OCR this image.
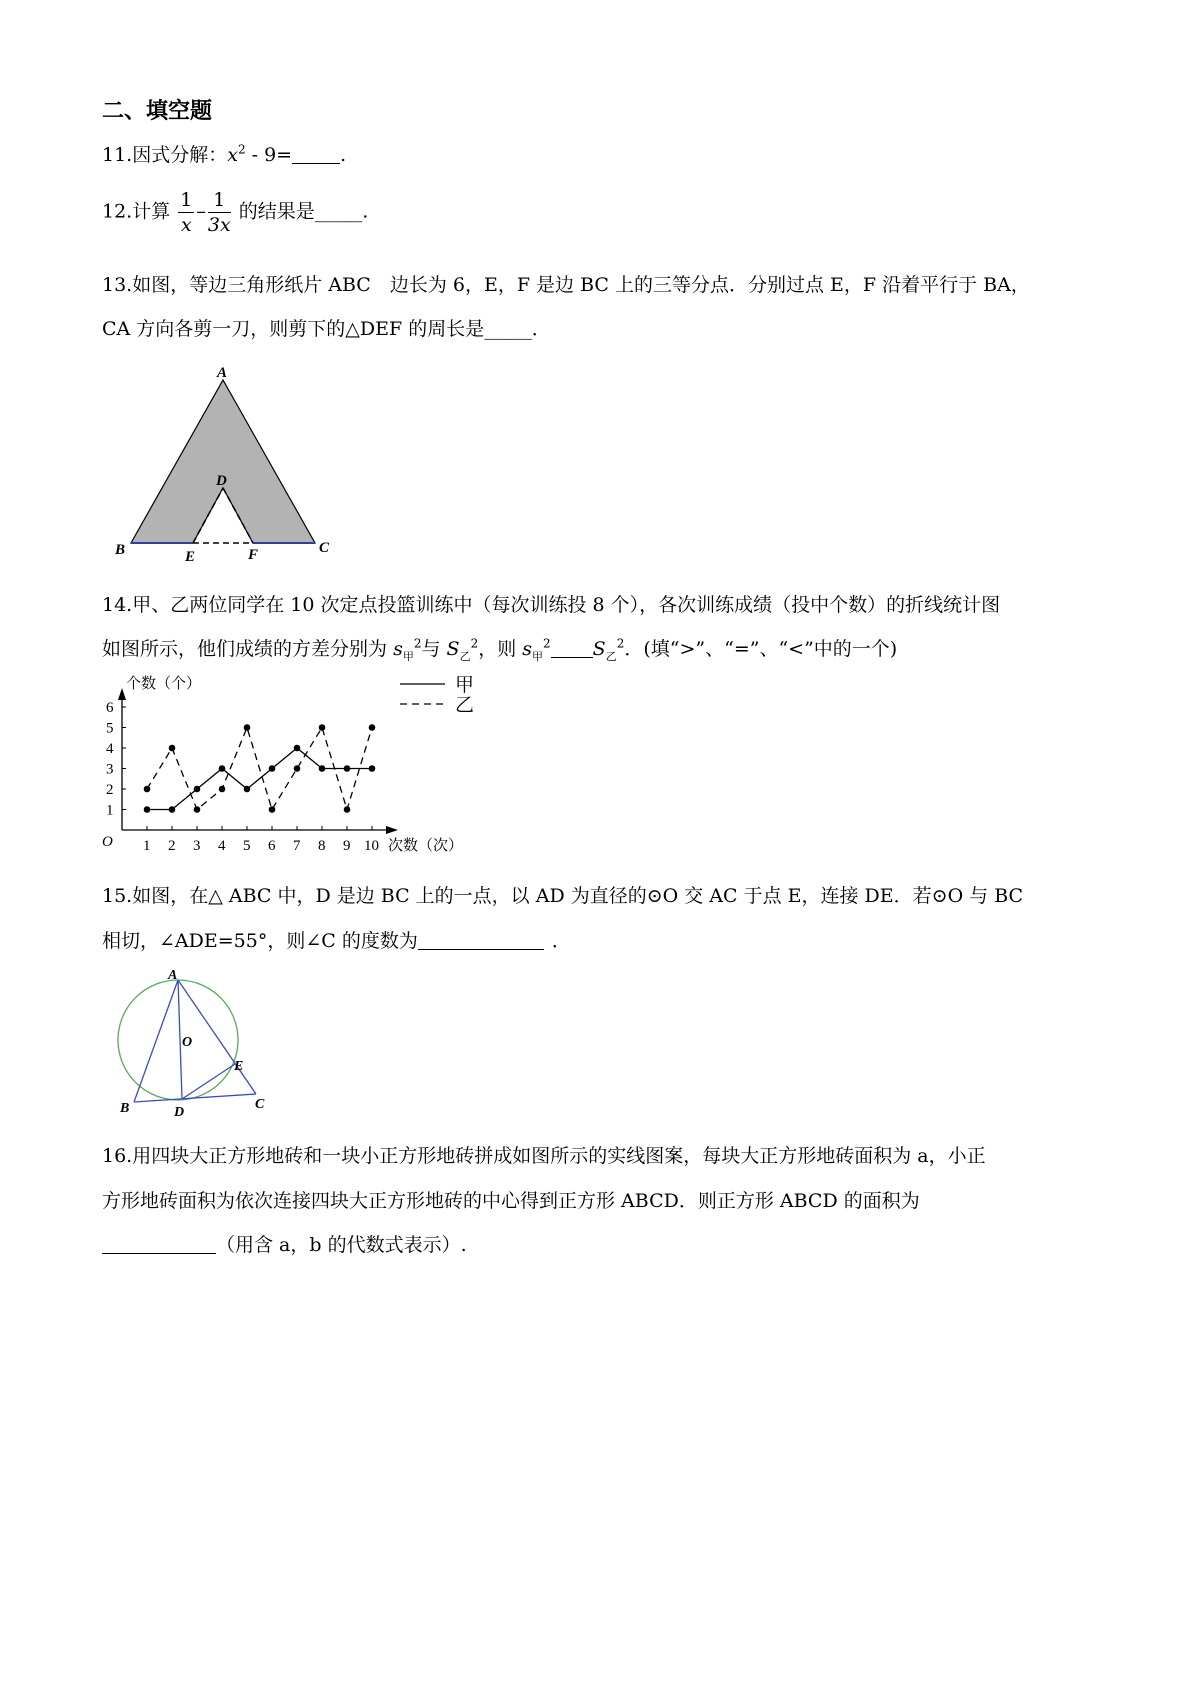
二、填空题
11.因式分解：$x^2 - 9=$	.
12.计算 $\frac{1}{x} - \frac{1}{3x}$ 的结果是_____.
13.如图，等边三角形纸片 ABC　边长为 6，E，F 是边 BC 上的三等分点．分别过点 E，F 沿着平行于 BA，
CA 方向各剪一刀，则剪下的△DEF 的周长是_____．
A
B	C
D
E	F
14.甲、乙两位同学在 10 次定点投篮训练中（每次训练投 8 个），各次训练成绩（投中个数）的折线统计图
如图所示，他们成绩的方差分别为 $s_甲^2$与 $S_乙^2$，则 $s_甲^2$ $S_乙^2$．(填“>”、“=”、“<”中的一个)
个数（个）
次数（次）
O
1
2
3
4
5
6
1 2 3 4 5 6 7 8 9 10
甲
乙
15.如图，在△ ABC 中，D 是边 BC 上的一点，以 AD 为直径的⊙O 交 AC 于点 E，连接 DE．若⊙O 与 BC
相切，∠ADE=55°，则∠C 的度数为	．
A
O
E
B	D
C
16.用四块大正方形地砖和一块小正方形地砖拼成如图所示的实线图案，每块大正方形地砖面积为 a，小正
方形地砖面积为依次连接四块大正方形地砖的中心得到正方形 ABCD．则正方形 ABCD 的面积为
（用含 a，b 的代数式表示）.
